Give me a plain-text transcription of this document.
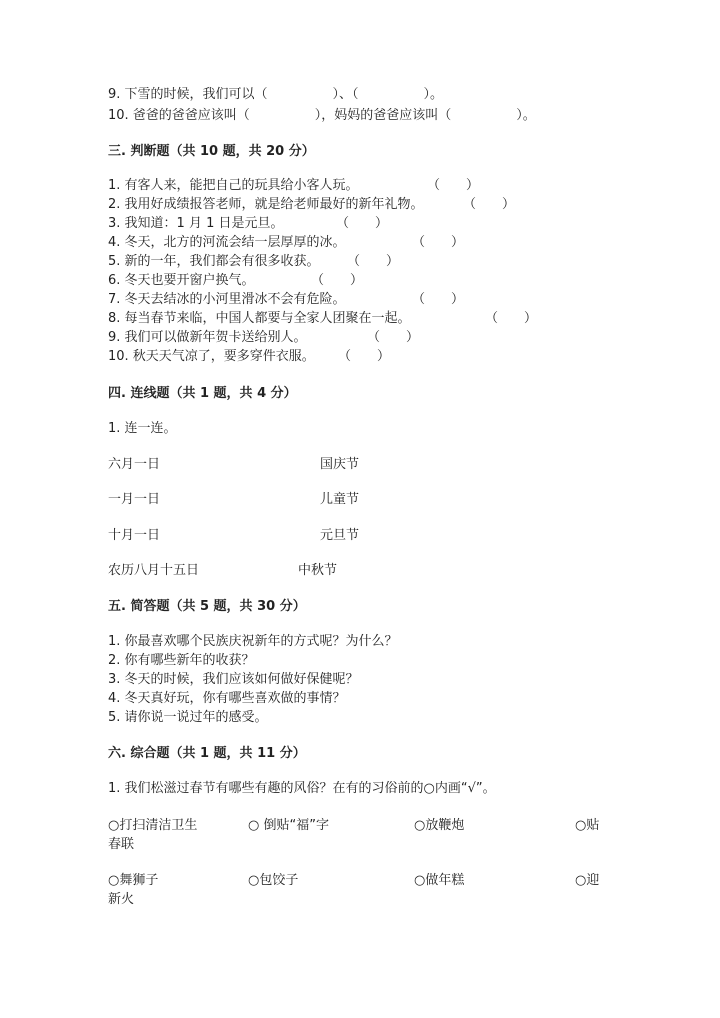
9. 下雪的时候，我们可以（　　　　　）、（　　　　　）。
10. 爸爸的爸爸应该叫（　　　　　），妈妈的爸爸应该叫（　　　　　）。
三. 判断题（共 10 题，共 20 分）
1. 有客人来，能把自己的玩具给小客人玩。	（　　）
2. 我用好成绩报答老师，就是给老师最好的新年礼物。	（　　）
3. 我知道：1 月 1 日是元旦。	（　　）
4. 冬天，北方的河流会结一层厚厚的冰。	（　　）
5. 新的一年，我们都会有很多收获。 （　　）
6. 冬天也要开窗户换气。	（　　）
7. 冬天去结冰的小河里滑冰不会有危险。	（　　）
8. 每当春节来临，中国人都要与全家人团聚在一起。	（　　）
9. 我们可以做新年贺卡送给别人。	（　　）
10. 秋天天气凉了，要多穿件衣服。 （　　）
四. 连线题（共 1 题，共 4 分）
1. 连一连。
六月一日	国庆节
一月一日	儿童节
十月一日	元旦节
农历八月十五日	中秋节
五. 简答题（共 5 题，共 30 分）
1. 你最喜欢哪个民族庆祝新年的方式呢？为什么？
2. 你有哪些新年的收获？
3. 冬天的时候，我们应该如何做好保健呢？
4. 冬天真好玩，你有哪些喜欢做的事情？
5. 请你说一说过年的感受。
六. 综合题（共 1 题，共 11 分）
1. 我们松滋过春节有哪些有趣的风俗？在有的习俗前的○内画“√”。
○打扫清洁卫生	○ 倒贴“福”字	○放鞭炮	○贴
春联
○舞狮子	○包饺子	○做年糕	○迎
新火
